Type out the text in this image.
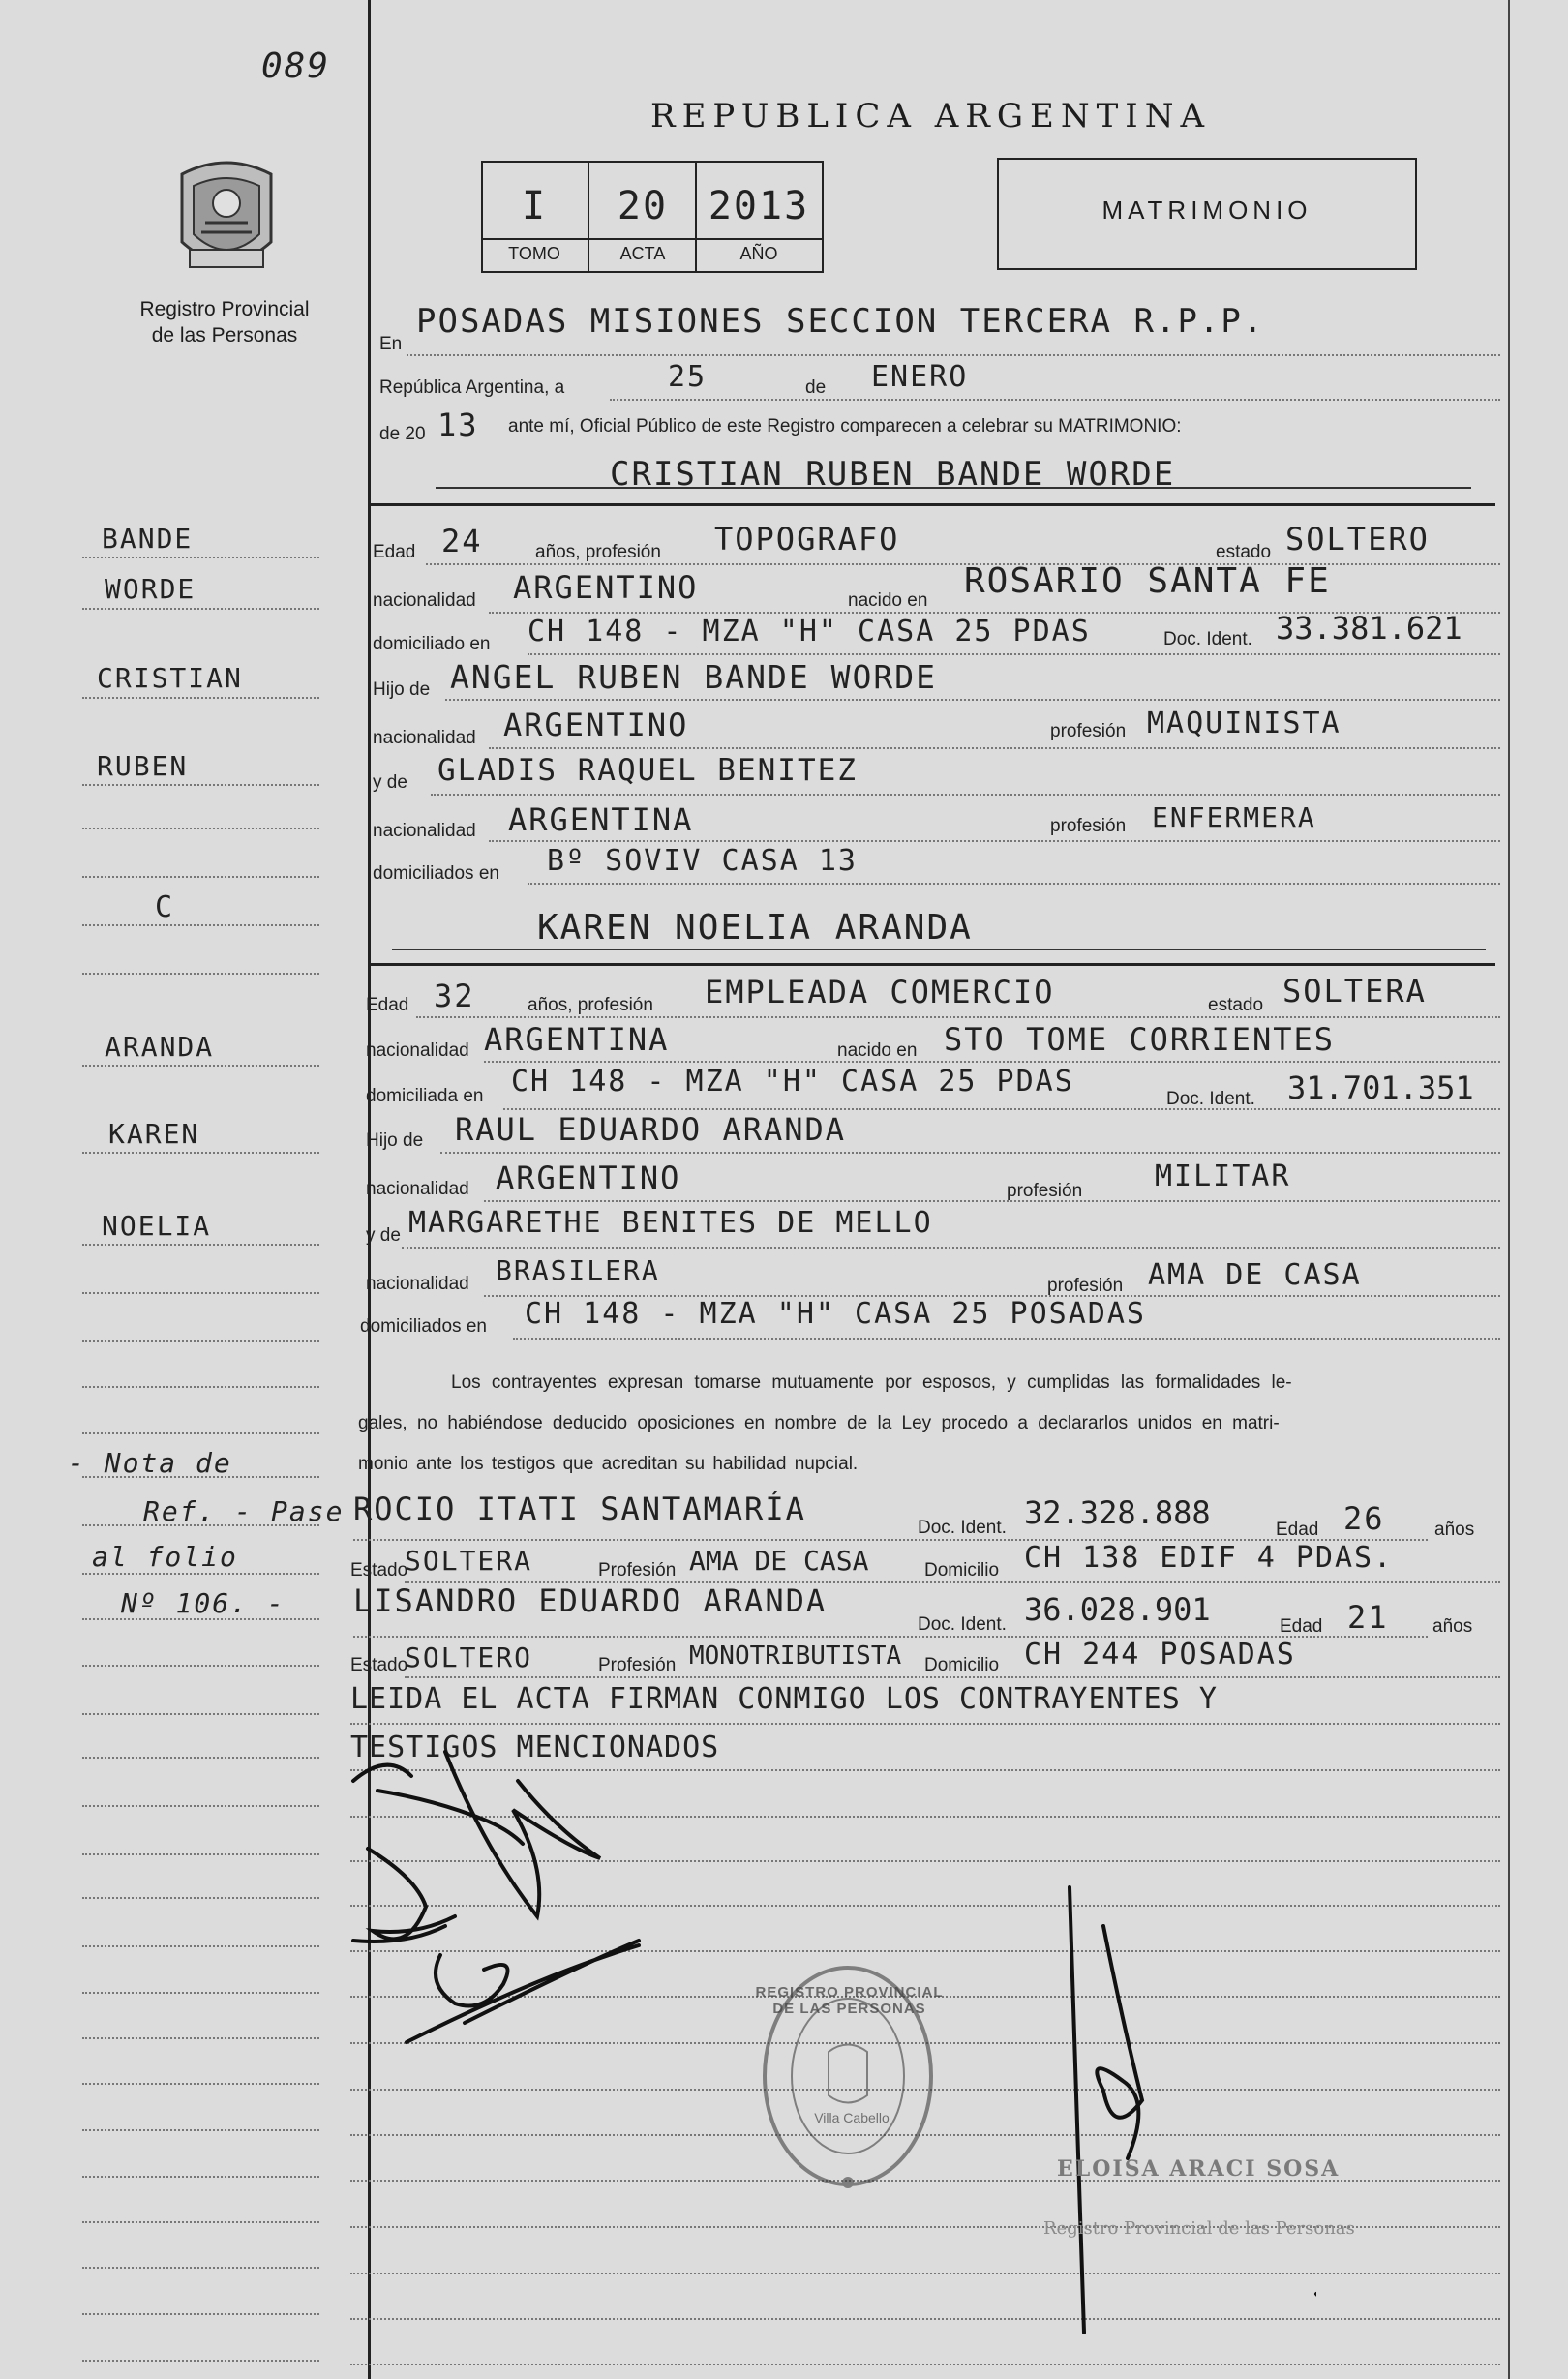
089
Registro Provincial
de las Personas
BANDE
WORDE
CRISTIAN
RUBEN
C
ARANDA
KAREN
NOELIA
- Nota de
Ref. - Pase
al folio
Nº 106. -
REPUBLICA ARGENTINA
I	20	2013
TOMO	ACTA	AÑO
MATRIMONIO
En
POSADAS MISIONES SECCION TERCERA R.P.P.
República Argentina, a	25	de ENERO
de 20 13 ante mí, Oficial Público de este Registro comparecen a celebrar su MATRIMONIO:
CRISTIAN RUBEN BANDE WORDE
Edad 24	años, profesión TOPOGRAFO	estado SOLTERO
nacionalidad ARGENTINO	nacido en ROSARIO SANTA FE
domiciliado en CH 148 - MZA "H" CASA 25 PDAS	Doc. Ident. 33.381.621
Hijo de ANGEL RUBEN BANDE WORDE
nacionalidad ARGENTINO	profesión MAQUINISTA
y de GLADIS RAQUEL BENITEZ
nacionalidad ARGENTINA	profesión ENFERMERA
domiciliados en Bº SOVIV CASA 13
KAREN NOELIA ARANDA
Edad 32	años, profesión EMPLEADA COMERCIO	estado SOLTERA
nacionalidad ARGENTINA	nacido en STO TOME CORRIENTES
domiciliada en CH 148 - MZA "H" CASA 25 PDAS
Doc. Ident. 31.701.351
Hijo de RAUL EDUARDO ARANDA
nacionalidad ARGENTINO	profesión MILITAR
y de MARGARETHE BENITES DE MELLO
nacionalidad BRASILERA	profesión AMA DE CASA
domiciliados en CH 148 - MZA "H" CASA 25 POSADAS
Los contrayentes expresan tomarse mutuamente por esposos, y cumplidas las formalidades le-
gales, no habiéndose deducido oposiciones en nombre de la Ley procedo a declararlos unidos en matri-
monio ante los testigos que acreditan su habilidad nupcial.
ROCIO ITATI SANTAMARÍA
Doc. Ident. 32.328.888	Edad 26	años
Estado
SOLTERA	Profesión AMA DE CASA	Domicilio CH 138 EDIF 4 PDAS.
LISANDRO EDUARDO ARANDA
Doc. Ident. 36.028.901	Edad 21 años
Estado
SOLTERO	Profesión MONOTRIBUTISTA Domicilio CH 244 POSADAS
LEIDA EL ACTA FIRMAN CONMIGO LOS CONTRAYENTES Y
TESTIGOS MENCIONADOS
REGISTRO PROVINCIAL DE LAS PERSONAS
Villa Cabello
ELOISA ARACI SOSA
Registro Provincial de las Personas
